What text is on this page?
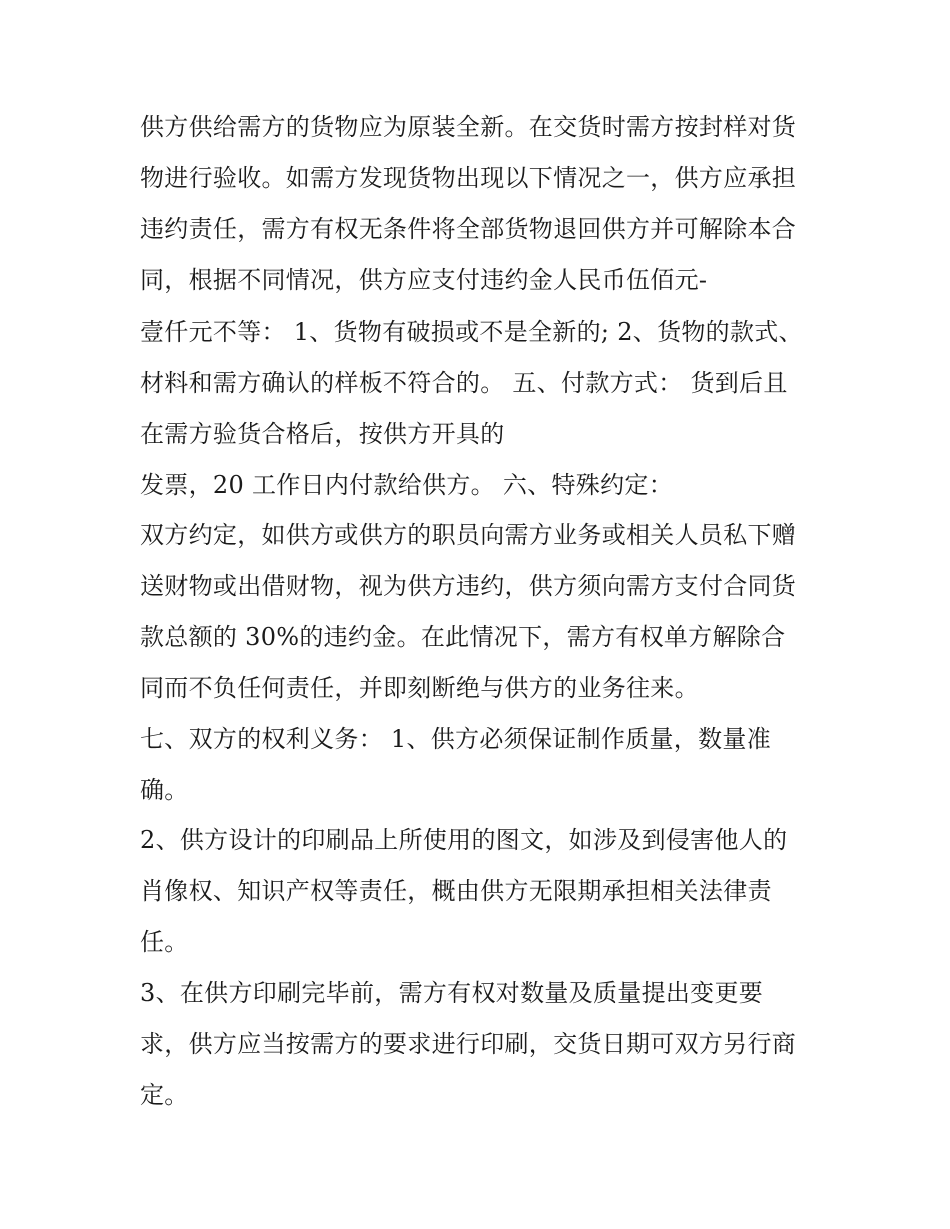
供方供给需方的货物应为原装全新。在交货时需方按封样对货
物进行验收。如需方发现货物出现以下情况之一，供方应承担
违约责任，需方有权无条件将全部货物退回供方并可解除本合
同，根据不同情况，供方应支付违约金人民币伍佰元-
壹仟元不等： 1、货物有破损或不是全新的; 2、货物的款式、
材料和需方确认的样板不符合的。 五、付款方式： 货到后且
在需方验货合格后，按供方开具的
发票，20 工作日内付款给供方。 六、特殊约定：
双方约定，如供方或供方的职员向需方业务或相关人员私下赠
送财物或出借财物，视为供方违约，供方须向需方支付合同货
款总额的 30%的违约金。在此情况下，需方有权单方解除合
同而不负任何责任，并即刻断绝与供方的业务往来。
七、双方的权利义务： 1、供方必须保证制作质量，数量准
确。
2、供方设计的印刷品上所使用的图文，如涉及到侵害他人的
肖像权、知识产权等责任，概由供方无限期承担相关法律责
任。
3、在供方印刷完毕前，需方有权对数量及质量提出变更要
求，供方应当按需方的要求进行印刷，交货日期可双方另行商
定。
